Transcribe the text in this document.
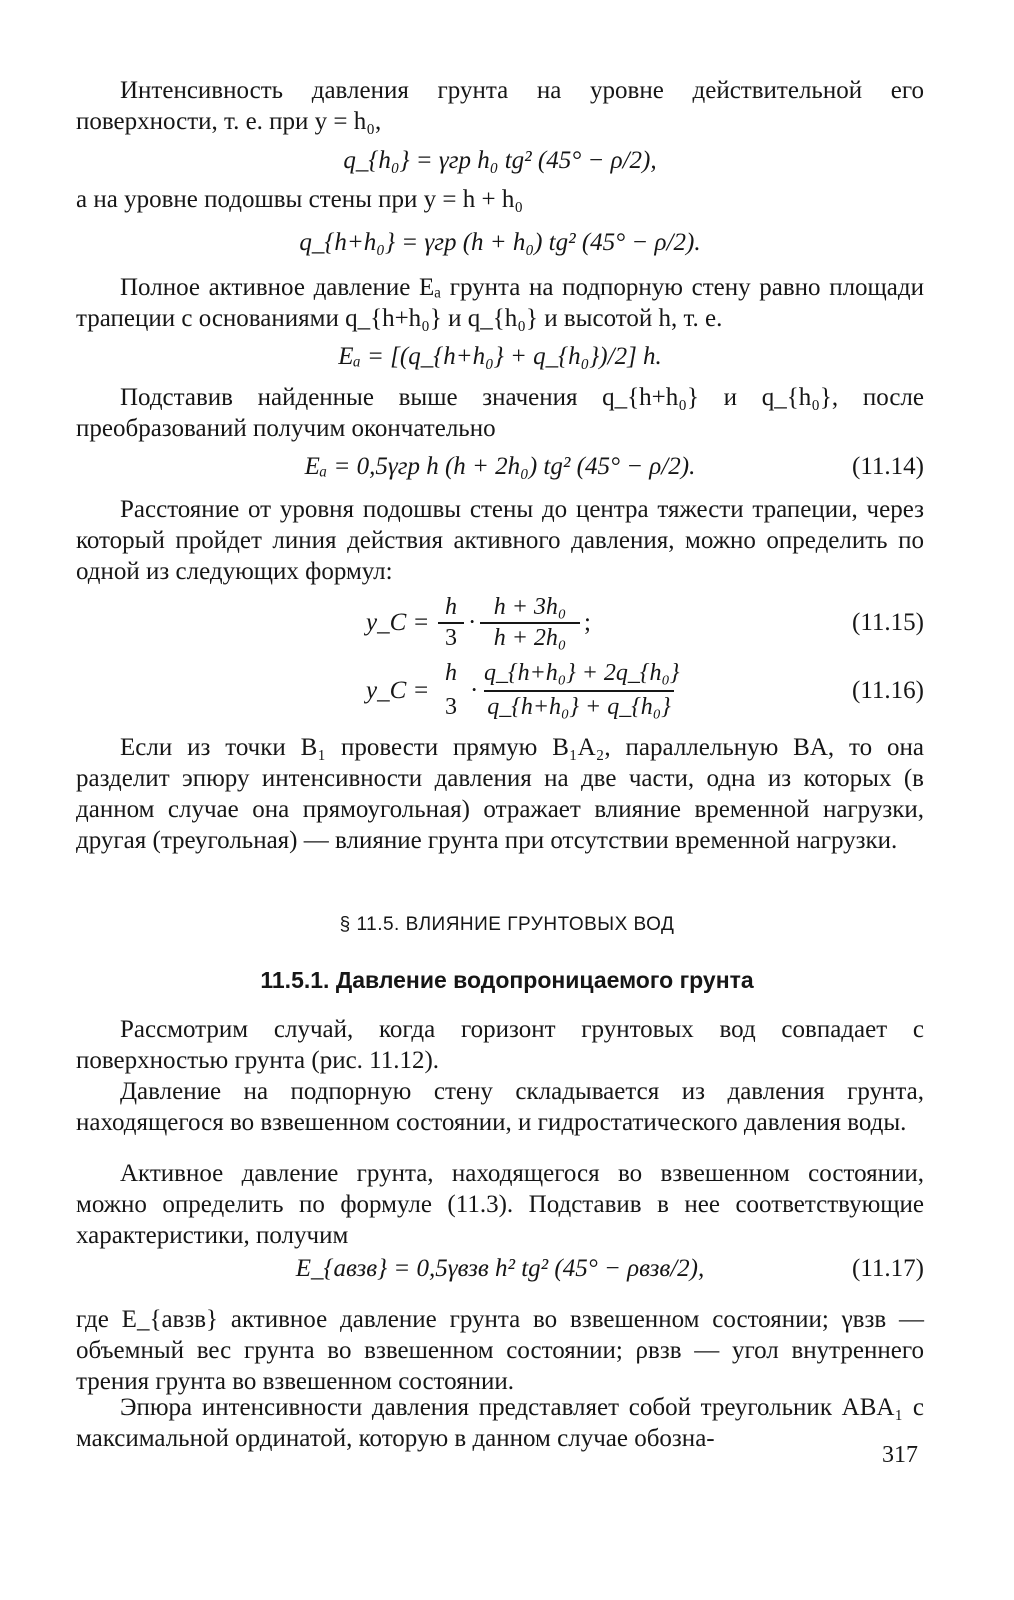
Интенсивность давления грунта на уровне действительной его поверхности, т. е. при y = h₀,

q_{h₀} = γгр h₀ tg² (45° − ρ/2),

а на уровне подошвы стены при y = h + h₀

q_{h+h₀} = γгр (h + h₀) tg² (45° − ρ/2).

Полное активное давление Eₐ грунта на подпорную стену равно площади трапеции с основаниями q_{h+h₀} и q_{h₀} и высотой h, т. е.

Eₐ = [(q_{h+h₀} + q_{h₀})/2] h.

Подставив найденные выше значения q_{h+h₀} и q_{h₀}, после преобразований получим окончательно

Eₐ = 0,5γгр h (h + 2h₀) tg² (45° − ρ/2).	(11.14)

Расстояние от уровня подошвы стены до центра тяжести трапеции, через который пройдет линия действия активного давления, можно определить по одной из следующих формул:

y_C =
h
3
·
h + 3h₀
h + 2h₀
;	(11.15)
y_C =
h
3
·
q_{h+h₀} + 2q_{h₀}
q_{h+h₀} + q_{h₀}
(11.16)

Если из точки B₁ провести прямую B₁A₂, параллельную BA, то она разделит эпюру интенсивности давления на две части, одна из которых (в данном случае она прямоугольная) отражает влияние временной нагрузки, другая (треугольная) — влияние грунта при отсутствии временной нагрузки.

§ 11.5. ВЛИЯНИЕ ГРУНТОВЫХ ВОД
11.5.1. Давление водопроницаемого грунта

Рассмотрим случай, когда горизонт грунтовых вод совпадает с поверхностью грунта (рис. 11.12).

Давление на подпорную стену складывается из давления грунта, находящегося во взвешенном состоянии, и гидростатического давления воды.

Активное давление грунта, находящегося во взвешенном состоянии, можно определить по формуле (11.3). Подставив в нее соответствующие характеристики, получим

E_{aвзв} = 0,5γвзв h² tg² (45° − ρвзв/2),	(11.17)

где E_{aвзв} активное давление грунта во взвешенном состоянии; γвзв — объемный вес грунта во взвешенном состоянии; ρвзв — угол внутреннего трения грунта во взвешенном состоянии.

Эпюра интенсивности давления представляет собой треугольник ABA₁ с максимальной ординатой, которую в данном случае обозна-

317
